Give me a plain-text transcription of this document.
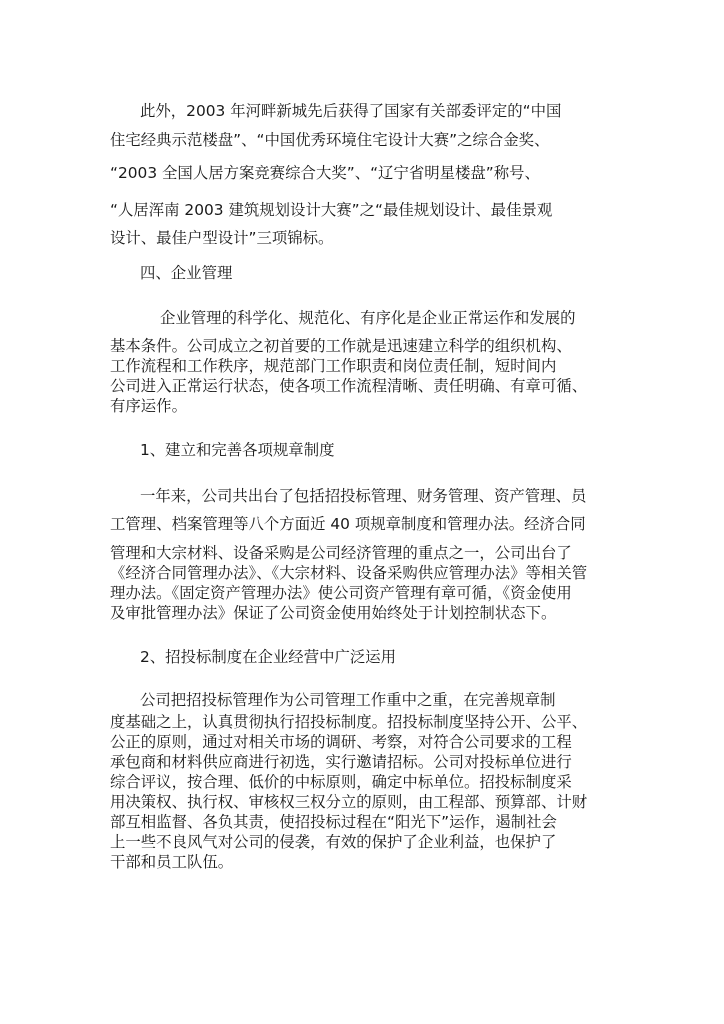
此外，2003 年河畔新城先后获得了国家有关部委评定的“中国
住宅经典示范楼盘”、“中国优秀环境住宅设计大赛”之综合金奖、
“2003 全国人居方案竞赛综合大奖”、“辽宁省明星楼盘”称号、
“人居浑南 2003 建筑规划设计大赛”之“最佳规划设计、最佳景观
设计、最佳户型设计”三项锦标。
四、企业管理
企业管理的科学化、规范化、有序化是企业正常运作和发展的
基本条件。公司成立之初首要的工作就是迅速建立科学的组织机构、
工作流程和工作秩序，规范部门工作职责和岗位责任制，短时间内
公司进入正常运行状态，使各项工作流程清晰、责任明确、有章可循、
有序运作。
1、建立和完善各项规章制度
一年来，公司共出台了包括招投标管理、财务管理、资产管理、员
工管理、档案管理等八个方面近 40 项规章制度和管理办法。经济合同
管理和大宗材料、设备采购是公司经济管理的重点之一，公司出台了
《经济合同管理办法》、《大宗材料、设备采购供应管理办法》等相关管
理办法。《固定资产管理办法》使公司资产管理有章可循，《资金使用
及审批管理办法》保证了公司资金使用始终处于计划控制状态下。
2、招投标制度在企业经营中广泛运用
公司把招投标管理作为公司管理工作重中之重，在完善规章制
度基础之上，认真贯彻执行招投标制度。招投标制度坚持公开、公平、
公正的原则，通过对相关市场的调研、考察，对符合公司要求的工程
承包商和材料供应商进行初选，实行邀请招标。公司对投标单位进行
综合评议，按合理、低价的中标原则，确定中标单位。招投标制度采
用决策权、执行权、审核权三权分立的原则，由工程部、预算部、计财
部互相监督、各负其责，使招投标过程在“阳光下”运作，遏制社会
上一些不良风气对公司的侵袭，有效的保护了企业利益，也保护了
干部和员工队伍。
